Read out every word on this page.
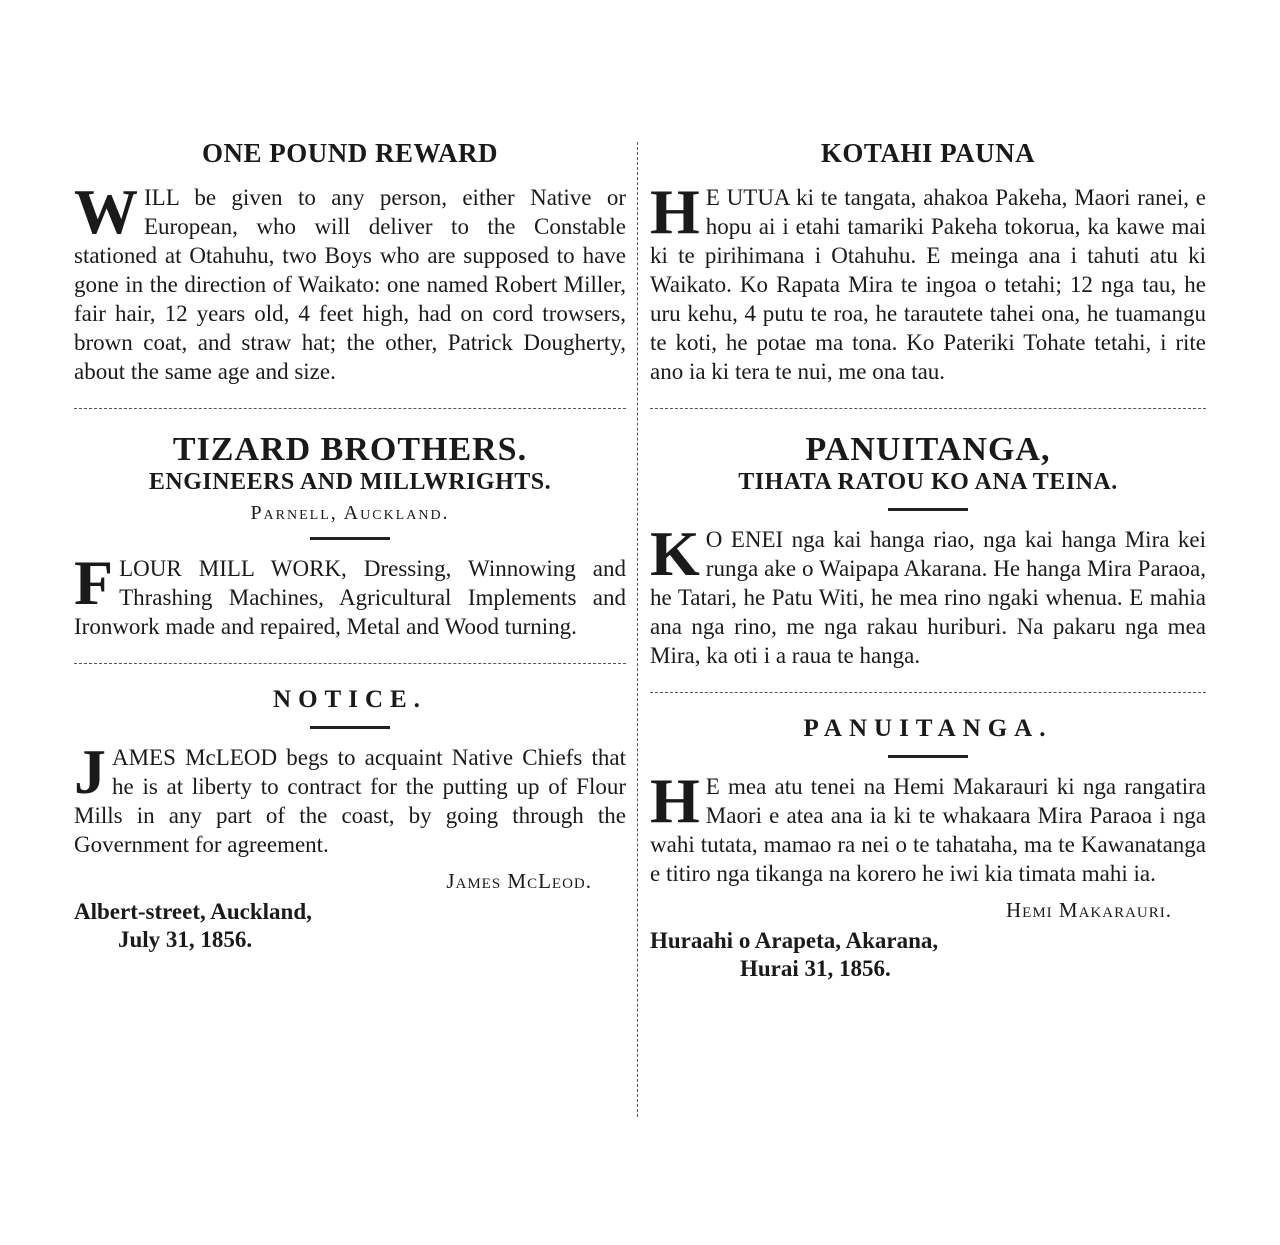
ONE POUND REWARD

WILL be given to any person, either Native or European, who will deliver to the Constable stationed at Otahuhu, two Boys who are supposed to have gone in the direction of Waikato: one named Robert Miller, fair hair, 12 years old, 4 feet high, had on cord trowsers, brown coat, and straw hat; the other, Patrick Dougherty, about the same age and size.

TIZARD BROTHERS.

ENGINEERS AND MILLWRIGHTS.

Parnell, Auckland.

FLOUR MILL WORK, Dressing, Winnowing and Thrashing Machines, Agricultural Implements and Ironwork made and repaired, Metal and Wood turning.

NOTICE.

JAMES McLEOD begs to acquaint Native Chiefs that he is at liberty to contract for the putting up of Flour Mills in any part of the coast, by going through the Government for agreement.

James McLeod.

Albert-street, Auckland,

July 31, 1856.

KOTAHI PAUNA

HE UTUA ki te tangata, ahakoa Pakeha, Maori ranei, e hopu ai i etahi tamariki Pakeha tokorua, ka kawe mai ki te pirihimana i Otahuhu. E meinga ana i tahuti atu ki Waikato. Ko Rapata Mira te ingoa o tetahi; 12 nga tau, he uru kehu, 4 putu te roa, he tarautete tahei ona, he tuamangu te koti, he potae ma tona. Ko Pateriki Tohate tetahi, i rite ano ia ki tera te nui, me ona tau.

PANUITANGA,

TIHATA RATOU KO ANA TEINA.

KO ENEI nga kai hanga riao, nga kai hanga Mira kei runga ake o Waipapa Akarana. He hanga Mira Paraoa, he Tatari, he Patu Witi, he mea rino ngaki whenua. E mahia ana nga rino, me nga rakau huriburi. Na pakaru nga mea Mira, ka oti i a raua te hanga.

PANUITANGA.

HE mea atu tenei na Hemi Makarauri ki nga rangatira Maori e atea ana ia ki te whakaara Mira Paraoa i nga wahi tutata, mamao ra nei o te tahataha, ma te Kawanatanga e titiro nga tikanga na korero he iwi kia timata mahi ia.

Hemi Makarauri.

Huraahi o Arapeta, Akarana,

Hurai 31, 1856.
